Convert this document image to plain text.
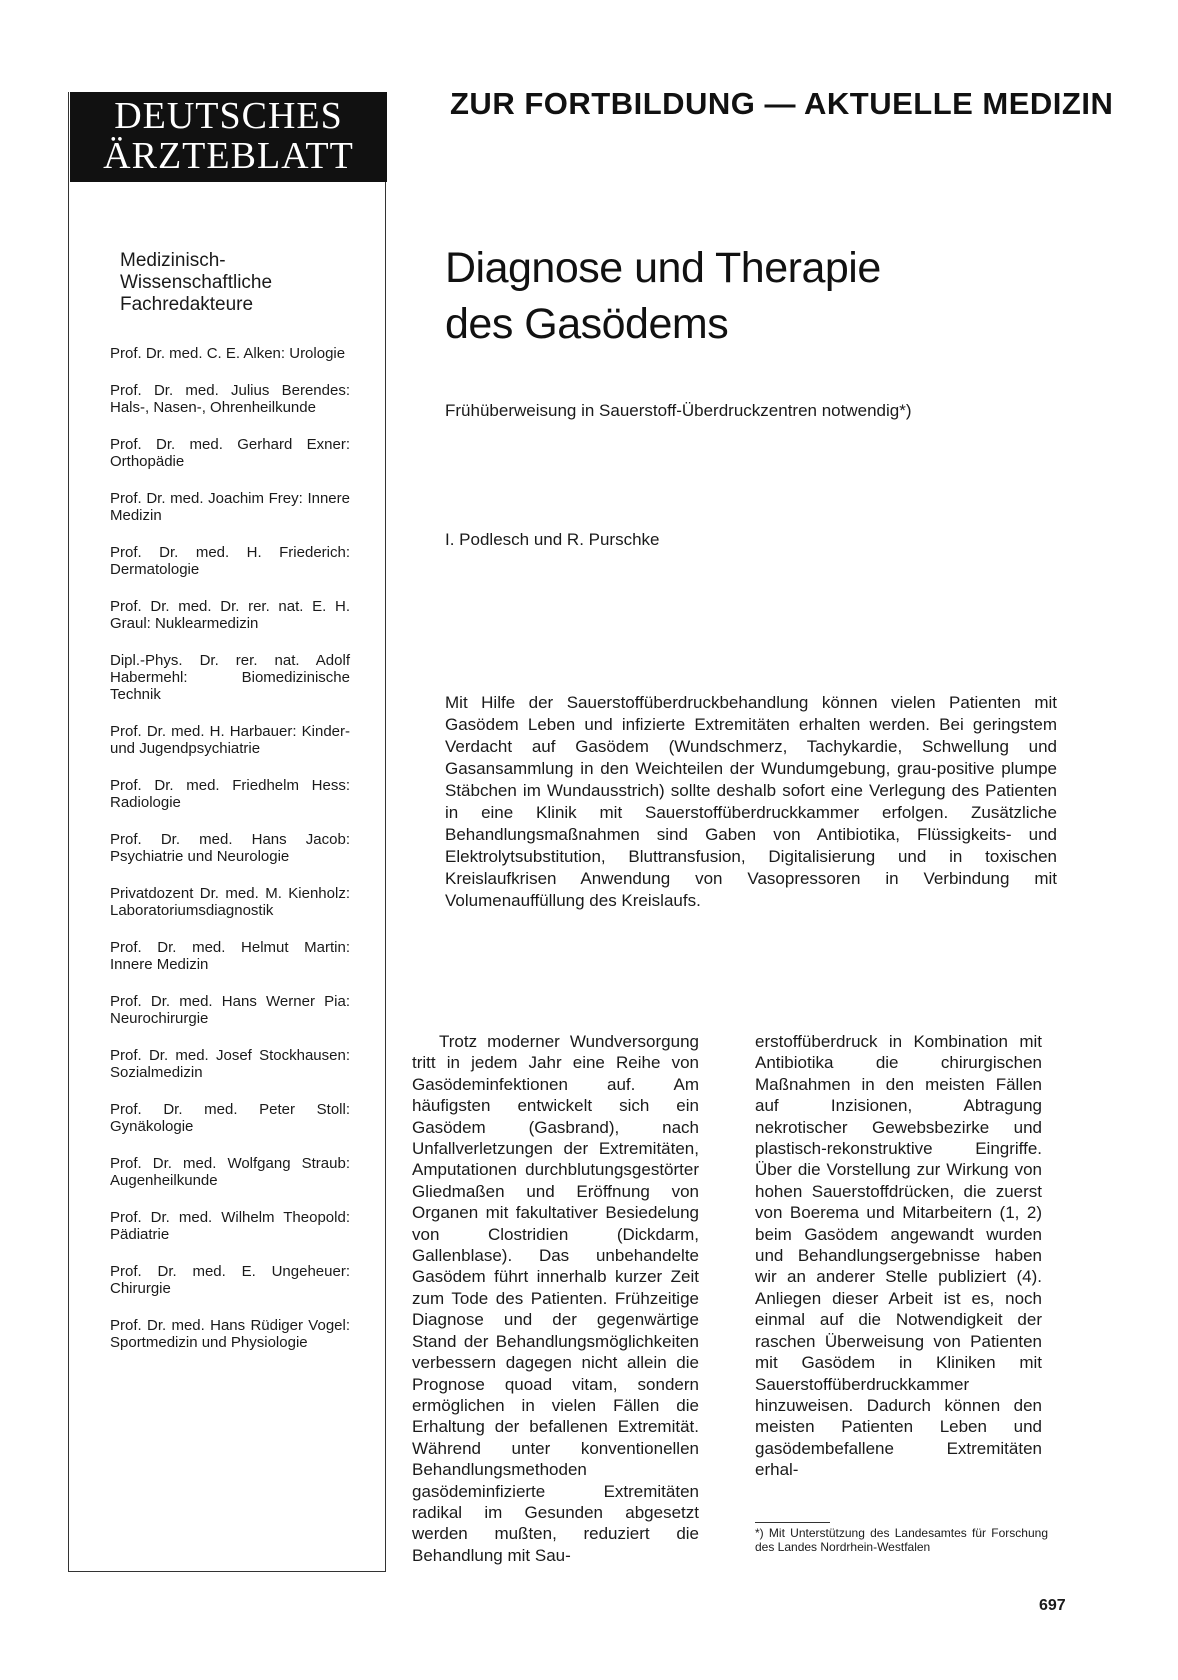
DEUTSCHES
ÄRZTEBLATT
ZUR FORTBILDUNG — AKTUELLE MEDIZIN
Medizinisch-Wissenschaftliche Fachredakteure
Prof. Dr. med. C. E. Alken: Urologie
Prof. Dr. med. Julius Berendes: Hals-, Nasen-, Ohrenheilkunde
Prof. Dr. med. Gerhard Exner: Orthopädie
Prof. Dr. med. Joachim Frey: Innere Medizin
Prof. Dr. med. H. Friederich: Dermatologie
Prof. Dr. med. Dr. rer. nat. E. H. Graul: Nuklearmedizin
Dipl.-Phys. Dr. rer. nat. Adolf Habermehl: Biomedizinische Technik
Prof. Dr. med. H. Harbauer: Kinder- und Jugendpsychiatrie
Prof. Dr. med. Friedhelm Hess: Radiologie
Prof. Dr. med. Hans Jacob: Psychiatrie und Neurologie
Privatdozent Dr. med. M. Kienholz: Laboratoriumsdiagnostik
Prof. Dr. med. Helmut Martin: Innere Medizin
Prof. Dr. med. Hans Werner Pia: Neurochirurgie
Prof. Dr. med. Josef Stockhausen: Sozialmedizin
Prof. Dr. med. Peter Stoll: Gynäkologie
Prof. Dr. med. Wolfgang Straub: Augenheilkunde
Prof. Dr. med. Wilhelm Theopold: Pädiatrie
Prof. Dr. med. E. Ungeheuer: Chirurgie
Prof. Dr. med. Hans Rüdiger Vogel: Sportmedizin und Physiologie
Diagnose und Therapie
des Gasödems
Frühüberweisung in Sauerstoff-Überdruckzentren notwendig*)
I. Podlesch und R. Purschke
Mit Hilfe der Sauerstoffüberdruckbehandlung können vielen Patienten mit Gasödem Leben und infizierte Extremitäten erhalten werden. Bei geringstem Verdacht auf Gasödem (Wundschmerz, Tachykardie, Schwellung und Gasansammlung in den Weichteilen der Wundumgebung, grau-positive plumpe Stäbchen im Wundausstrich) sollte deshalb sofort eine Verlegung des Patienten in eine Klinik mit Sauerstoffüberdruckkammer erfolgen. Zusätzliche Behandlungsmaßnahmen sind Gaben von Antibiotika, Flüssigkeits- und Elektrolytsubstitution, Bluttransfusion, Digitalisierung und in toxischen Kreislaufkrisen Anwendung von Vasopressoren in Verbindung mit Volumenauffüllung des Kreislaufs.
Trotz moderner Wundversorgung tritt in jedem Jahr eine Reihe von Gasödeminfektionen auf. Am häufigsten entwickelt sich ein Gasödem (Gasbrand), nach Unfallverletzungen der Extremitäten, Amputationen durchblutungsgestörter Gliedmaßen und Eröffnung von Organen mit fakultativer Besiedelung von Clostridien (Dickdarm, Gallenblase). Das unbehandelte Gasödem führt innerhalb kurzer Zeit zum Tode des Patienten. Frühzeitige Diagnose und der gegenwärtige Stand der Behandlungsmöglichkeiten verbessern dagegen nicht allein die Prognose quoad vitam, sondern ermöglichen in vielen Fällen die Erhaltung der befallenen Extremität. Während unter konventionellen Behandlungsmethoden gasödeminfizierte Extremitäten radikal im Gesunden abgesetzt werden mußten, reduziert die Behandlung mit Sau-
erstoffüberdruck in Kombination mit Antibiotika die chirurgischen Maßnahmen in den meisten Fällen auf Inzisionen, Abtragung nekrotischer Gewebsbezirke und plastisch-rekonstruktive Eingriffe. Über die Vorstellung zur Wirkung von hohen Sauerstoffdrücken, die zuerst von Boerema und Mitarbeitern (1, 2) beim Gasödem angewandt wurden und Behandlungsergebnisse haben wir an anderer Stelle publiziert (4). Anliegen dieser Arbeit ist es, noch einmal auf die Notwendigkeit der raschen Überweisung von Patienten mit Gasödem in Kliniken mit Sauerstoffüberdruckkammer hinzuweisen. Dadurch können den meisten Patienten Leben und gasödembefallene Extremitäten erhal-
*) Mit Unterstützung des Landesamtes für Forschung des Landes Nordrhein-Westfalen
697
